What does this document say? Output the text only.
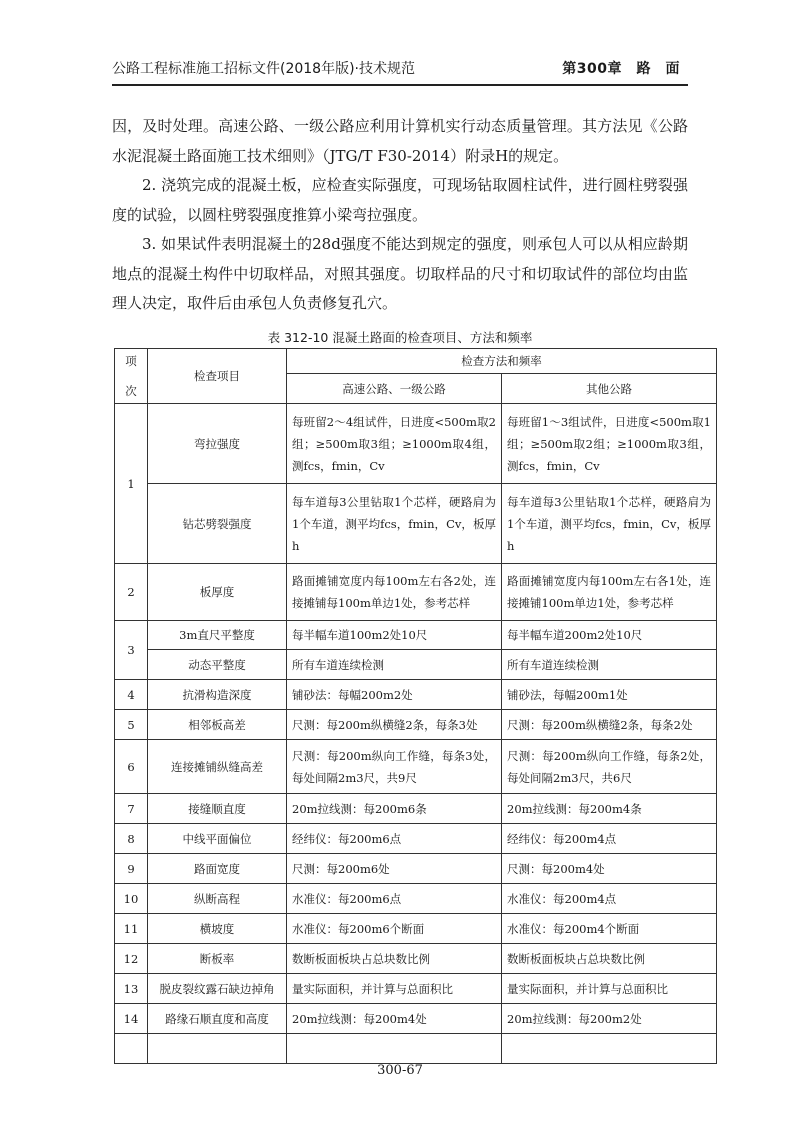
公路工程标准施工招标文件(2018年版)·技术规范	第300章　路　面

因，及时处理。高速公路、一级公路应利用计算机实行动态质量管理。其方法见《公路水泥混凝土路面施工技术细则》（JTG/T F30-2014）附录H的规定。

2. 浇筑完成的混凝土板，应检查实际强度，可现场钻取圆柱试件，进行圆柱劈裂强度的试验，以圆柱劈裂强度推算小梁弯拉强度。

3. 如果试件表明混凝土的28d强度不能达到规定的强度，则承包人可以从相应龄期地点的混凝土构件中切取样品，对照其强度。切取样品的尺寸和切取试件的部位均由监理人决定，取件后由承包人负责修复孔穴。

表 312-10 混凝土路面的检查项目、方法和频率
项

次	检查项目	检查方法和频率	
		高速公路、一级公路	其他公路
1	弯拉强度	每班留2～4组试件，日进度<500m取2组；≥500m取3组；≥1000m取4组，测fcs，fmin，Cv	每班留1～3组试件，日进度<500m取1组；≥500m取2组；≥1000m取3组，测fcs，fmin，Cv
	钻芯劈裂强度	每车道每3公里钻取1个芯样，硬路肩为1个车道，测平均fcs，fmin，Cv，板厚h	每车道每3公里钻取1个芯样，硬路肩为1个车道，测平均fcs，fmin，Cv，板厚h
2	板厚度	路面摊铺宽度内每100m左右各2处，连接摊铺每100m单边1处，参考芯样	路面摊铺宽度内每100m左右各1处，连接摊铺100m单边1处，参考芯样
3	3m直尺平整度	每半幅车道100m2处10尺	每半幅车道200m2处10尺
	动态平整度	所有车道连续检测	所有车道连续检测
4	抗滑构造深度	铺砂法：每幅200m2处	铺砂法，每幅200m1处
5	相邻板高差	尺测：每200m纵横缝2条，每条3处	尺测：每200m纵横缝2条，每条2处
6	连接摊铺纵缝高差	尺测：每200m纵向工作缝，每条3处，每处间隔2m3尺，共9尺	尺测：每200m纵向工作缝，每条2处，每处间隔2m3尺，共6尺
7	接缝顺直度	20m拉线测：每200m6条	20m拉线测：每200m4条
8	中线平面偏位	经纬仪：每200m6点	经纬仪：每200m4点
9	路面宽度	尺测：每200m6处	尺测：每200m4处
10	纵断高程	水准仪：每200m6点	水准仪：每200m4点
11	横坡度	水准仪：每200m6个断面	水准仪：每200m4个断面
12	断板率	数断板面板块占总块数比例	数断板面板块占总块数比例
13	脱皮裂纹露石缺边掉角	量实际面积，并计算与总面积比	量实际面积，并计算与总面积比
14	路缘石顺直度和高度	20m拉线测：每200m4处	20m拉线测：每200m2处

300-67
